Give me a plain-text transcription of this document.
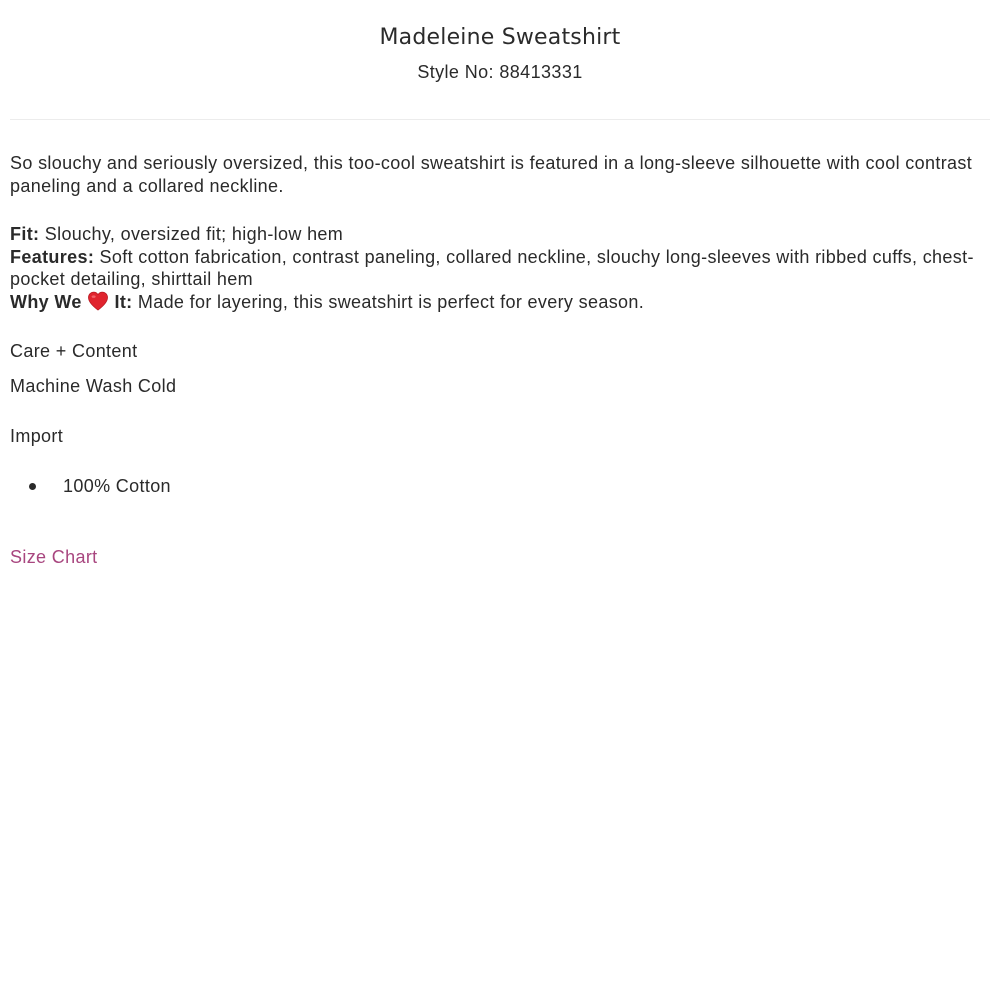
Madeleine Sweatshirt
Style No: 88413331

So slouchy and seriously oversized, this too-cool sweatshirt is featured in a long-sleeve silhouette with cool contrast paneling and a collared neckline.

Fit: Slouchy, oversized fit; high-low hem
Features: Soft cotton fabrication, contrast paneling, collared neckline, slouchy long-sleeves with ribbed cuffs, chest-pocket detailing, shirttail hem
Why We  It: Made for layering, this sweatshirt is perfect for every season.
Care + Content
Machine Wash Cold
Import
100% Cotton
Size Chart
